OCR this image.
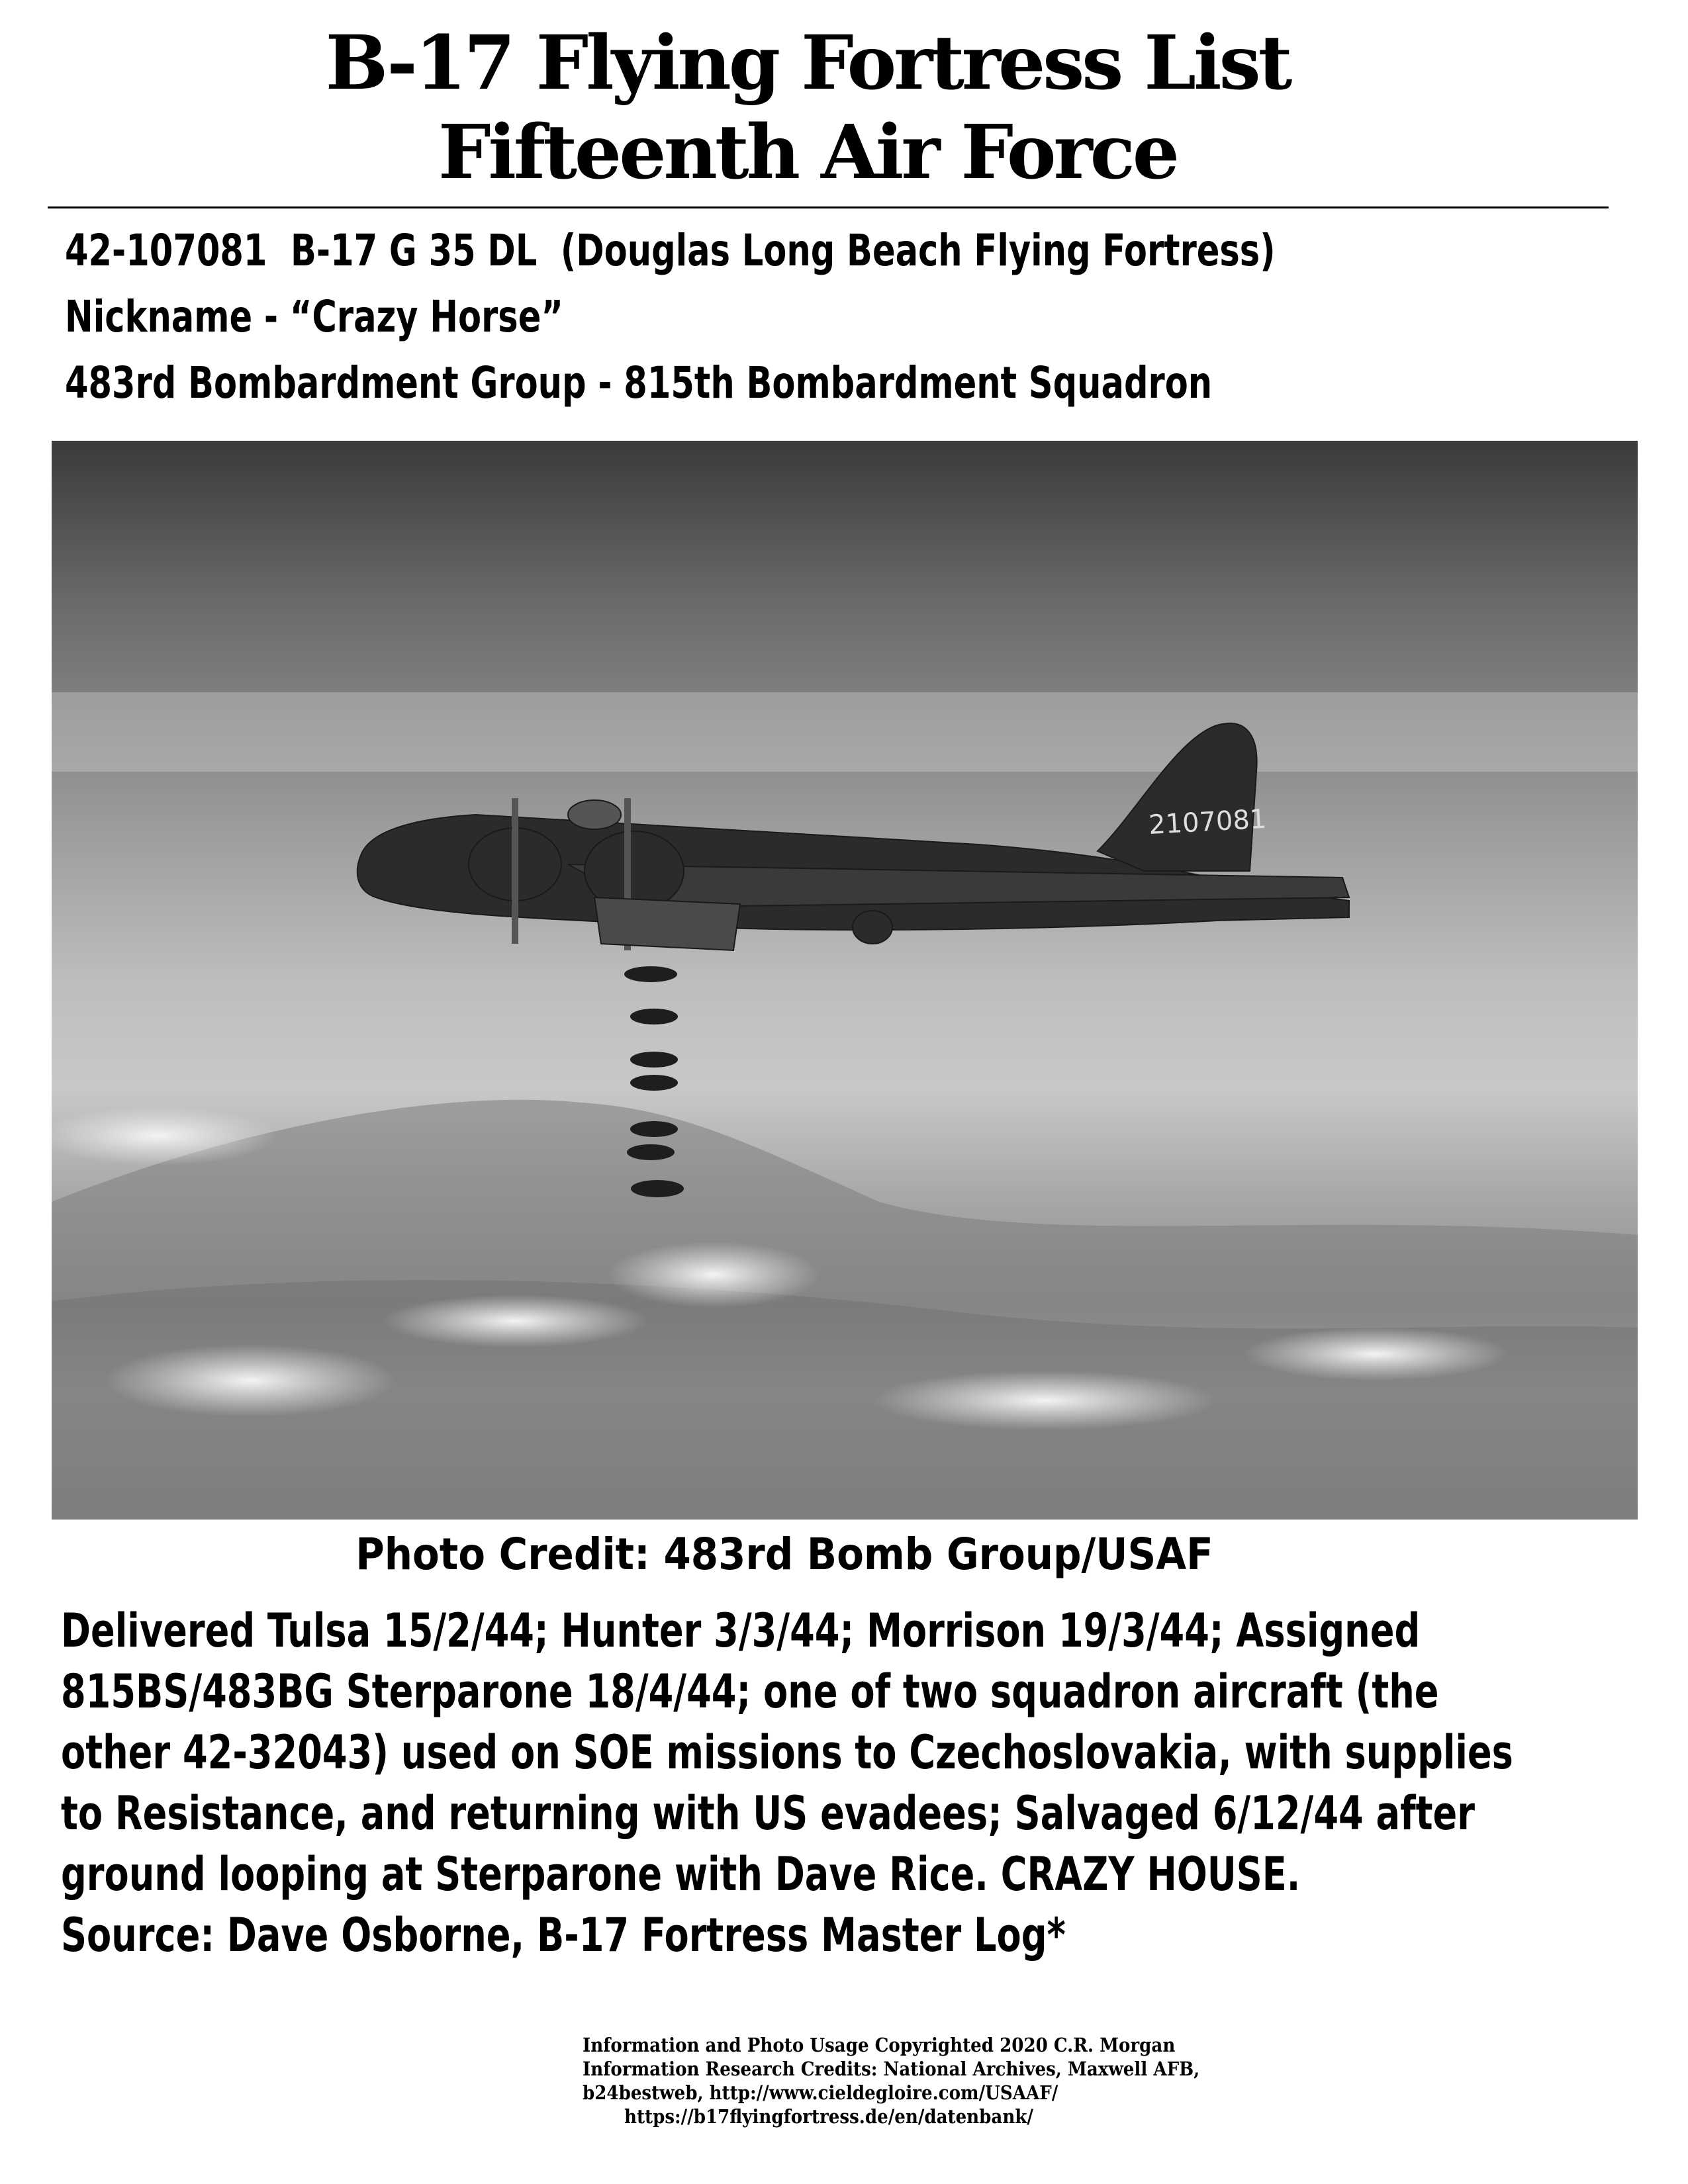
B-17 Flying Fortress List
Fifteenth Air Force
42-107081  B-17 G 35 DL  (Douglas Long Beach Flying Fortress)
Nickname - “Crazy Horse”
483rd Bombardment Group - 815th Bombardment Squadron
2107081
Photo Credit: 483rd Bomb Group/USAF
Delivered Tulsa 15/2/44; Hunter 3/3/44; Morrison 19/3/44; Assigned
815BS/483BG Sterparone 18/4/44; one of two squadron aircraft (the
other 42-32043) used on SOE missions to Czechoslovakia, with supplies
to Resistance, and returning with US evadees; Salvaged 6/12/44 after
ground looping at Sterparone with Dave Rice. CRAZY HOUSE.
Source: Dave Osborne, B-17 Fortress Master Log*
Information and Photo Usage Copyrighted 2020 C.R. Morgan
Information Research Credits: National Archives, Maxwell AFB,
b24bestweb, http://www.cieldegloire.com/USAAF/
https://b17flyingfortress.de/en/datenbank/
